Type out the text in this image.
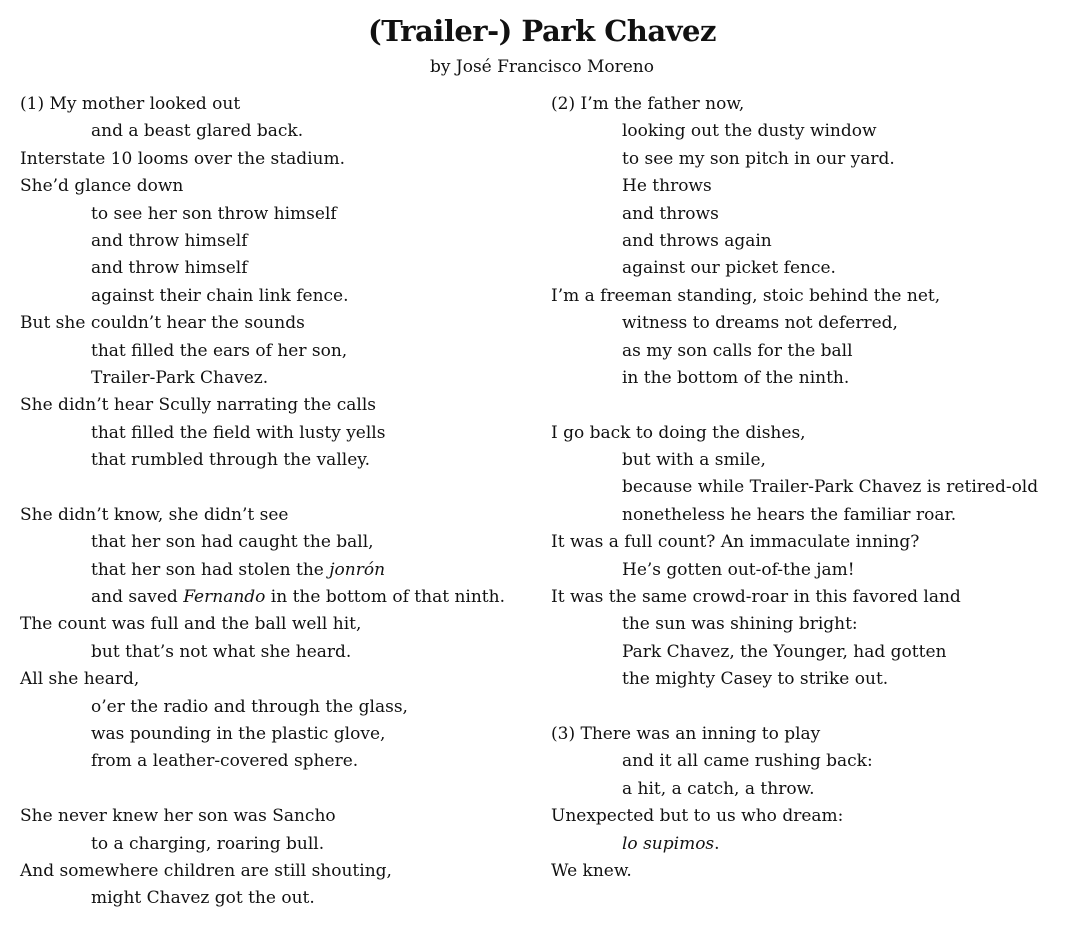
(Trailer-) Park Chavez
by José Francisco Moreno
(1) My mother looked out
and a beast glared back.
Interstate 10 looms over the stadium.
She’d glance down
to see her son throw himself
and throw himself
and throw himself
against their chain link fence.
But she couldn’t hear the sounds
that filled the ears of her son,
Trailer-Park Chavez.
She didn’t hear Scully narrating the calls
that filled the field with lusty yells
that rumbled through the valley.
She didn’t know, she didn’t see
that her son had caught the ball,
that her son had stolen the jonrón
and saved Fernando in the bottom of that ninth.
The count was full and the ball well hit,
but that’s not what she heard.
All she heard,
o’er the radio and through the glass,
was pounding in the plastic glove,
from a leather-covered sphere.
She never knew her son was Sancho
to a charging, roaring bull.
And somewhere children are still shouting,
might Chavez got the out.
(2) I’m the father now,
looking out the dusty window
to see my son pitch in our yard.
He throws
and throws
and throws again
against our picket fence.
I’m a freeman standing, stoic behind the net,
witness to dreams not deferred,
as my son calls for the ball
in the bottom of the ninth.
I go back to doing the dishes,
but with a smile,
because while Trailer-Park Chavez is retired-old
nonetheless he hears the familiar roar.
It was a full count? An immaculate inning?
He’s gotten out-of-the jam!
It was the same crowd-roar in this favored land
the sun was shining bright:
Park Chavez, the Younger, had gotten
the mighty Casey to strike out.
(3) There was an inning to play
and it all came rushing back:
a hit, a catch, a throw.
Unexpected but to us who dream:
lo supimos.
We knew.
